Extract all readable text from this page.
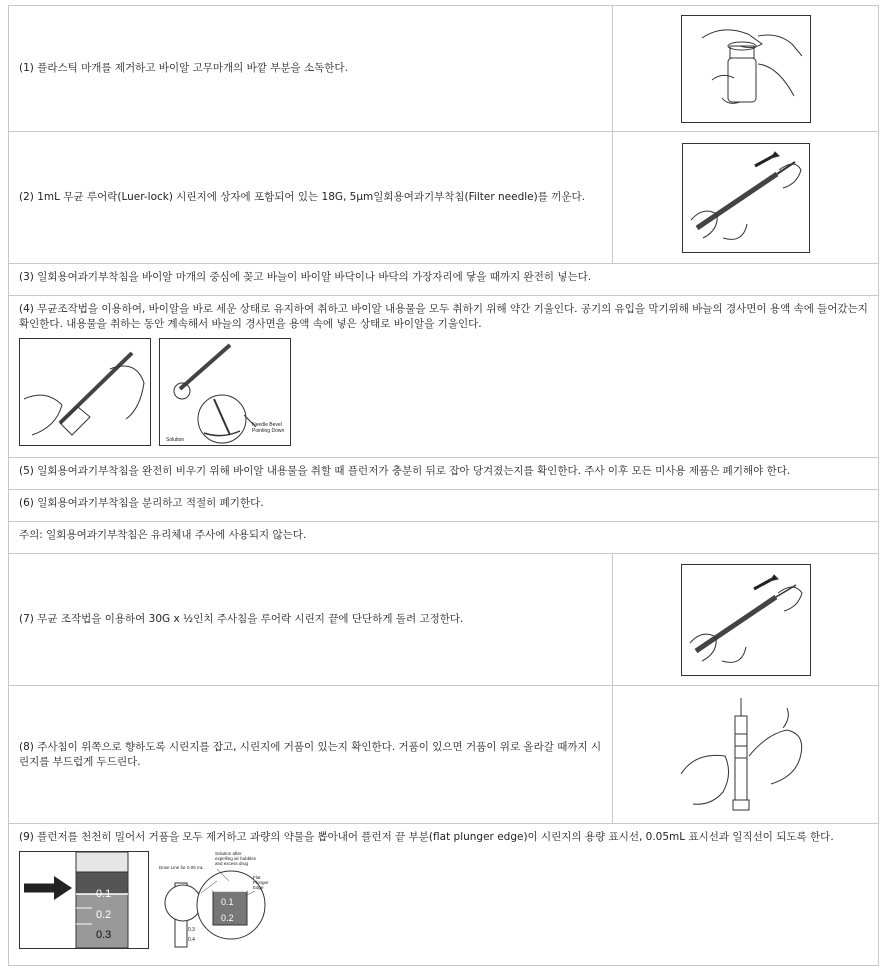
(1) 플라스틱 마개를 제거하고 바이알 고무마개의 바깥 부분을 소독한다.
(2) 1mL 무균 루어락(Luer-lock) 시린지에 상자에 포함되어 있는 18G, 5μm일회용여과기부착침(Filter needle)를 끼운다.
(3) 일회용여과기부착침을 바이알 마개의 중심에 꽂고 바늘이 바이알 바닥이나 바닥의 가장자리에 닿을 때까지 완전히 넣는다.
(4) 무균조작법을 이용하여, 바이알을 바로 세운 상태로 유지하여 취하고 바이알 내용물을 모두 취하기 위해 약간 기울인다. 공기의 유입을 막기위해 바늘의 경사면이 용액 속에 들어갔는지 확인한다. 내용물을 취하는 동안 계속해서 바늘의 경사면을 용액 속에 넣은 상태로 바이알을 기울인다.
Needle Bevel
Pointing Down
Solution
(5) 일회용여과기부착침을 완전히 비우기 위해 바이알 내용물을 취할 때 플런저가 충분히 뒤로 잡아 당겨졌는지를 확인한다. 주사 이후 모든 미사용 제품은 폐기해야 한다.
(6) 일회용여과기부착침을 분리하고 적절히 폐기한다.
주의: 일회용여과기부착침은 유리체내 주사에 사용되지 않는다.
(7) 무균 조작법을 이용하여 30G x ½인치 주사침을 루어락 시린지 끝에 단단하게 돌려 고정한다.
(8) 주사침이 위쪽으로 향하도록 시린지를 잡고, 시린지에 거품이 있는지 확인한다. 거품이 있으면 거품이 위로 올라갈 때까지 시린지를 부드럽게 두드린다.
(9) 플런저를 천천히 밀어서 거품을 모두 제거하고 과량의 약물을 뽑아내어 플런저 끝 부분(flat plunger edge)이 시린지의 용량 표시선, 0.05mL 표시선과 일직선이 되도록 한다.
0.1
0.2
0.3
Dose Line for 0.05 mL
Solution after
expelling air bubbles
and excess drug
Flat
Plunger
Edge
0.1
0.2
0.3
0.4
